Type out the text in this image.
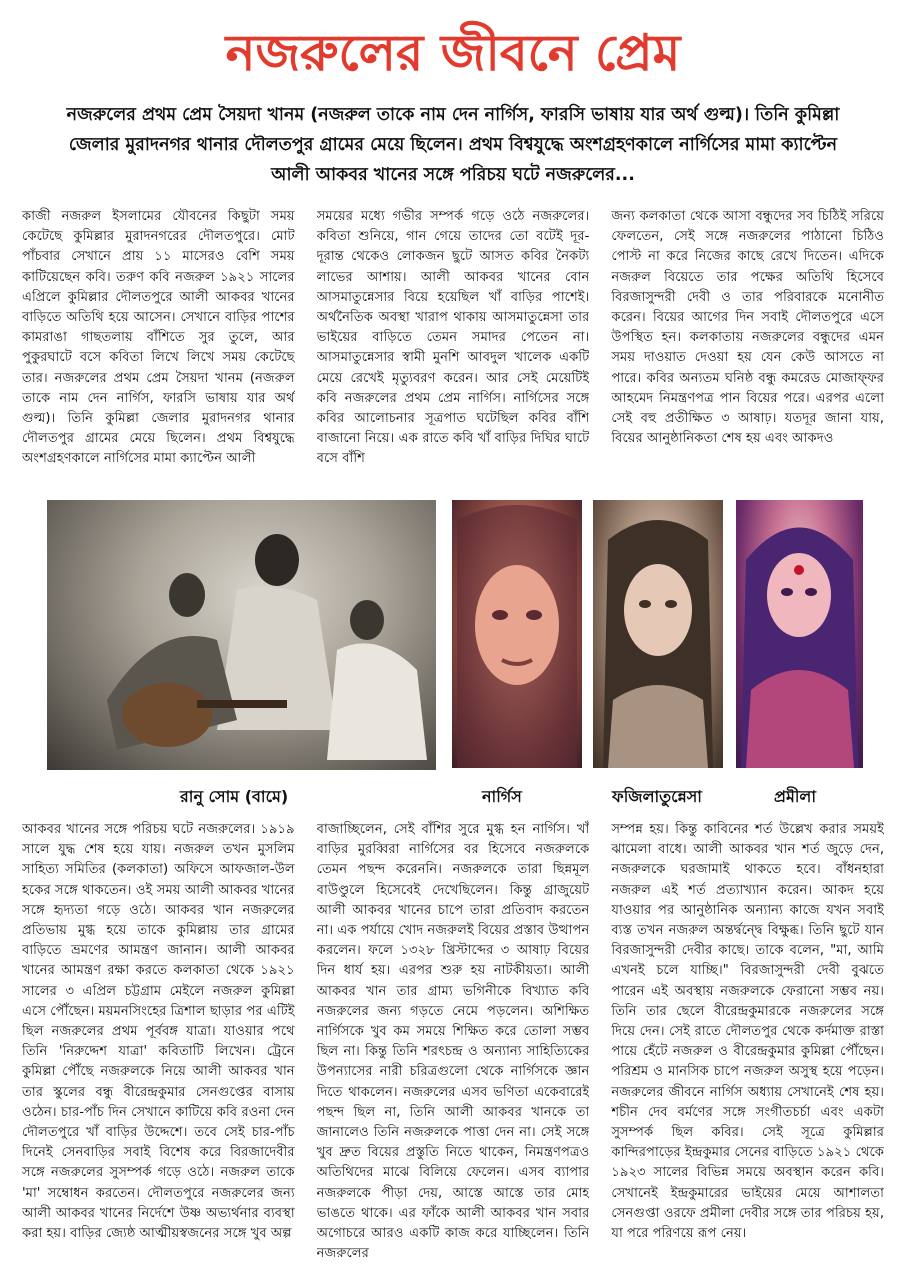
নজরুলের জীবনে প্রেম

নজরুলের প্রথম প্রেম সৈয়দা খানম (নজরুল তাকে নাম দেন নার্গিস, ফারসি ভাষায় যার অর্থ গুল্ম)। তিনি কুমিল্লা জেলার মুরাদনগর থানার দৌলতপুর গ্রামের মেয়ে ছিলেন। প্রথম বিশ্বযুদ্ধে অংশগ্রহণকালে নার্গিসের মামা ক্যাপ্টেন আলী আকবর খানের সঙ্গে পরিচয় ঘটে নজরুলের...

কাজী নজরুল ইসলামের যৌবনের কিছুটা সময় কেটেছে কুমিল্লার মুরাদনগরের দৌলতপুরে। মোট পাঁচবার সেখানে প্রায় ১১ মাসেরও বেশি সময় কাটিয়েছেন কবি। তরুণ কবি নজরুল ১৯২১ সালের এপ্রিলে কুমিল্লার দৌলতপুরে আলী আকবর খানের বাড়িতে অতিথি হয়ে আসেন। সেখানে বাড়ির পাশের কামরাঙা গাছতলায় বাঁশিতে সুর তুলে, আর পুকুরঘাটে বসে কবিতা লিখে লিখে সময় কেটেছে তার। নজরুলের প্রথম প্রেম সৈয়দা খানম (নজরুল তাকে নাম দেন নার্গিস, ফারসি ভাষায় যার অর্থ গুল্ম)। তিনি কুমিল্লা জেলার মুরাদনগর থানার দৌলতপুর গ্রামের মেয়ে ছিলেন। প্রথম বিশ্বযুদ্ধে অংশগ্রহণকালে নার্গিসের মামা ক্যাপ্টেন আলী

সময়ের মধ্যে গভীর সম্পর্ক গড়ে ওঠে নজরুলের। কবিতা শুনিয়ে, গান গেয়ে তাদের তো বটেই দূর-দূরান্ত থেকেও লোকজন ছুটে আসত কবির নৈকট্য লাভের আশায়। আলী আকবর খানের বোন আসমাতুন্নেসার বিয়ে হয়েছিল খাঁ বাড়ির পাশেই। অর্থনৈতিক অবস্থা খারাপ থাকায় আসমাতুন্নেসা তার ভাইয়ের বাড়িতে তেমন সমাদর পেতেন না। আসমাতুন্নেসার স্বামী মুনশি আবদুল খালেক একটি মেয়ে রেখেই মৃত্যুবরণ করেন। আর সেই মেয়েটিই কবি নজরুলের প্রথম প্রেম নার্গিস। নার্গিসের সঙ্গে কবির আলোচনার সূত্রপাত ঘটেছিল কবির বাঁশি বাজানো নিয়ে। এক রাতে কবি খাঁ বাড়ির দিঘির ঘাটে বসে বাঁশি

জন্য কলকাতা থেকে আসা বন্ধুদের সব চিঠিই সরিয়ে ফেলতেন, সেই সঙ্গে নজরুলের পাঠানো চিঠিও পোস্ট না করে নিজের কাছে রেখে দিতেন। এদিকে নজরুল বিয়েতে তার পক্ষের অতিথি হিসেবে বিরজাসুন্দরী দেবী ও তার পরিবারকে মনোনীত করেন। বিয়ের আগের দিন সবাই দৌলতপুরে এসে উপস্থিত হন। কলকাতায় নজরুলের বন্ধুদের এমন সময় দাওয়াত দেওয়া হয় যেন কেউ আসতে না পারে। কবির অন্যতম ঘনিষ্ঠ বন্ধু কমরেড মোজাফ্ফর আহমেদ নিমন্ত্রণপত্র পান বিয়ের পরে। এরপর এলো সেই বহু প্রতীক্ষিত ৩ আষাঢ়। যতদূর জানা যায়, বিয়ের আনুষ্ঠানিকতা শেষ হয় এবং আকদও

রানু সোম (বামে)	নার্গিস	ফজিলাতুন্নেসা	প্রমীলা

আকবর খানের সঙ্গে পরিচয় ঘটে নজরুলের। ১৯১৯ সালে যুদ্ধ শেষ হয়ে যায়। নজরুল তখন মুসলিম সাহিত্য সমিতির (কলকাতা) অফিসে আফজাল-উল হকের সঙ্গে থাকতেন। ওই সময় আলী আকবর খানের সঙ্গে হৃদ্যতা গড়ে ওঠে। আকবর খান নজরুলের প্রতিভায় মুগ্ধ হয়ে তাকে কুমিল্লায় তার গ্রামের বাড়িতে ভ্রমণের আমন্ত্রণ জানান। আলী আকবর খানের আমন্ত্রণ রক্ষা করতে কলকাতা থেকে ১৯২১ সালের ৩ এপ্রিল চট্টগ্রাম মেইলে নজরুল কুমিল্লা এসে পৌঁছেন। ময়মনসিংহের ত্রিশাল ছাড়ার পর এটিই ছিল নজরুলের প্রথম পূর্ববঙ্গ যাত্রা। যাওয়ার পথে তিনি 'নিরুদ্দেশ যাত্রা' কবিতাটি লিখেন। ট্রেনে কুমিল্লা পৌঁছে নজরুলকে নিয়ে আলী আকবর খান তার স্কুলের বন্ধু বীরেন্দ্রকুমার সেনগুপ্তের বাসায় ওঠেন। চার-পাঁচ দিন সেখানে কাটিয়ে কবি রওনা দেন দৌলতপুরে খাঁ বাড়ির উদ্দেশে। তবে সেই চার-পাঁচ দিনেই সেনবাড়ির সবাই বিশেষ করে বিরজাদেবীর সঙ্গে নজরুলের সুসম্পর্ক গড়ে ওঠে। নজরুল তাকে 'মা' সম্বোধন করতেন। দৌলতপুরে নজরুলের জন্য আলী আকবর খানের নির্দেশে উষ্ণ অভ্যর্থনার ব্যবস্থা করা হয়। বাড়ির জ্যেষ্ঠ আত্মীয়স্বজনের সঙ্গে খুব অল্প

বাজাচ্ছিলেন, সেই বাঁশির সুরে মুগ্ধ হন নার্গিস। খাঁ বাড়ির মুরব্বিরা নার্গিসের বর হিসেবে নজরুলকে তেমন পছন্দ করেননি। নজরুলকে তারা ছিন্নমূল বাউণ্ডুলে হিসেবেই দেখেছিলেন। কিন্তু গ্রাজুয়েট আলী আকবর খানের চাপে তারা প্রতিবাদ করতেন না। এক পর্যায়ে খোদ নজরুলই বিয়ের প্রস্তাব উত্থাপন করলেন। ফলে ১৩২৮ খ্রিস্টাব্দের ৩ আষাঢ় বিয়ের দিন ধার্য হয়। এরপর শুরু হয় নাটকীয়তা। আলী আকবর খান তার গ্রাম্য ভগিনীকে বিখ্যাত কবি নজরুলের জন্য গড়তে নেমে পড়লেন। অশিক্ষিত নার্গিসকে খুব কম সময়ে শিক্ষিত করে তোলা সম্ভব ছিল না। কিন্তু তিনি শরৎচন্দ্র ও অন্যান্য সাহিত্যিকের উপন্যাসের নারী চরিত্রগুলো থেকে নার্গিসকে জ্ঞান দিতে থাকলেন। নজরুলের এসব ভণিতা একেবারেই পছন্দ ছিল না, তিনি আলী আকবর খানকে তা জানালেও তিনি নজরুলকে পাত্তা দেন না। সেই সঙ্গে খুব দ্রুত বিয়ের প্রস্তুতি নিতে থাকেন, নিমন্ত্রণপত্রও অতিথিদের মাঝে বিলিয়ে ফেলেন। এসব ব্যাপার নজরুলকে পীড়া দেয়, আস্তে আস্তে তার মোহ ভাঙতে থাকে। এর ফাঁকে আলী আকবর খান সবার অগোচরে আরও একটি কাজ করে যাচ্ছিলেন। তিনি নজরুলের

সম্পন্ন হয়। কিন্তু কাবিনের শর্ত উল্লেখ করার সময়ই ঝামেলা বাধে। আলী আকবর খান শর্ত জুড়ে দেন, নজরুলকে ঘরজামাই থাকতে হবে। বাঁধনহারা নজরুল এই শর্ত প্রত্যাখ্যান করেন। আকদ হয়ে যাওয়ার পর আনুষ্ঠানিক অন্যান্য কাজে যখন সবাই ব্যস্ত তখন নজরুল অন্তর্দ্বন্দ্বে বিক্ষুব্ধ। তিনি ছুটে যান বিরজাসুন্দরী দেবীর কাছে। তাকে বলেন, "মা, আমি এখনই চলে যাচ্ছি।" বিরজাসুন্দরী দেবী বুঝতে পারেন এই অবস্থায় নজরুলকে ফেরানো সম্ভব নয়। তিনি তার ছেলে বীরেন্দ্রকুমারকে নজরুলের সঙ্গে দিয়ে দেন। সেই রাতে দৌলতপুর থেকে কর্দমাক্ত রাস্তা পায়ে হেঁটে নজরুল ও বীরেন্দ্রকুমার কুমিল্লা পৌঁছেন। পরিশ্রম ও মানসিক চাপে নজরুল অসুস্থ হয়ে পড়েন। নজরুলের জীবনে নার্গিস অধ্যায় সেখানেই শেষ হয়। শচীন দেব বর্মণের সঙ্গে সংগীতচর্চা এবং একটা সুসম্পর্ক ছিল কবির। সেই সূত্রে কুমিল্লার কান্দিরপাড়ের ইন্দ্রকুমার সেনের বাড়িতে ১৯২১ থেকে ১৯২৩ সালের বিভিন্ন সময়ে অবস্থান করেন কবি। সেখানেই ইন্দ্রকুমারের ভাইয়ের মেয়ে আশালতা সেনগুপ্তা ওরফে প্রমীলা দেবীর সঙ্গে তার পরিচয় হয়, যা পরে পরিণয়ে রূপ নেয়।
